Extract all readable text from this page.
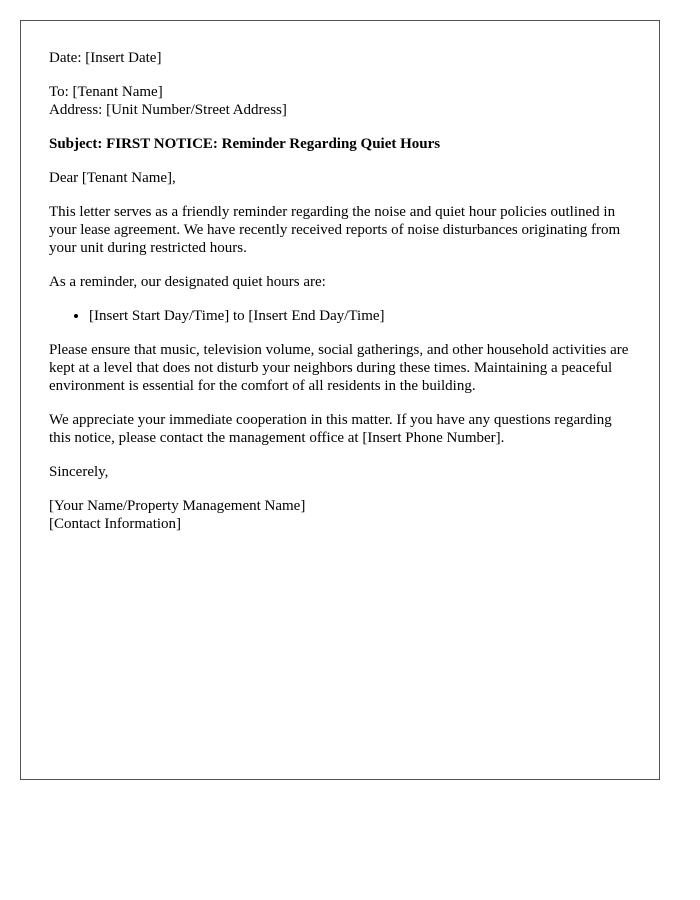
Date: [Insert Date]

To: [Tenant Name]
Address: [Unit Number/Street Address]

Subject: FIRST NOTICE: Reminder Regarding Quiet Hours

Dear [Tenant Name],

This letter serves as a friendly reminder regarding the noise and quiet hour policies outlined in your lease agreement. We have recently received reports of noise disturbances originating from your unit during restricted hours.

As a reminder, our designated quiet hours are:

• [Insert Start Day/Time] to [Insert End Day/Time]

Please ensure that music, television volume, social gatherings, and other household activities are kept at a level that does not disturb your neighbors during these times. Maintaining a peaceful environment is essential for the comfort of all residents in the building.

We appreciate your immediate cooperation in this matter. If you have any questions regarding this notice, please contact the management office at [Insert Phone Number].

Sincerely,

[Your Name/Property Management Name]
[Contact Information]
